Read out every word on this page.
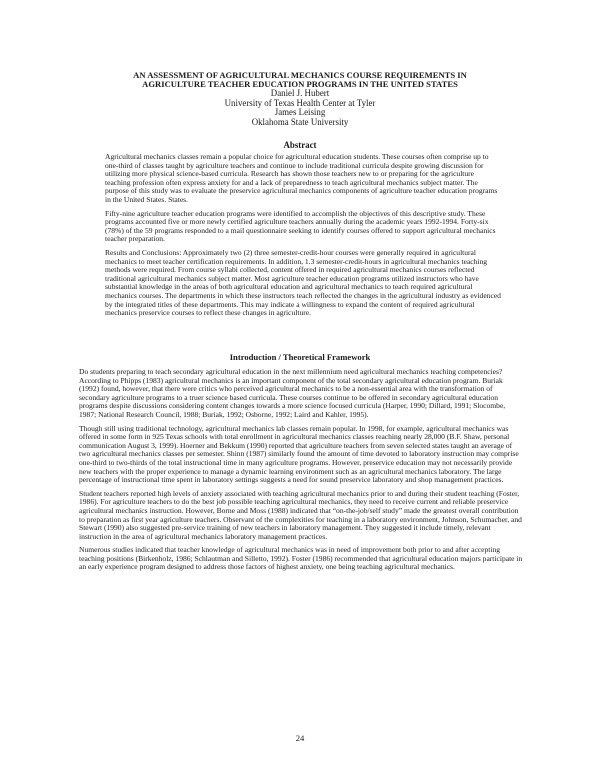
AN ASSESSMENT OF AGRICULTURAL MECHANICS COURSE REQUIREMENTS IN
AGRICULTURE TEACHER EDUCATION PROGRAMS IN THE UNITED STATES
Daniel J. Hubert
University of Texas Health Center at Tyler
James Leising
Oklahoma State University
Abstract

Agricultural mechanics classes remain a popular choice for agricultural education students. These courses often comprise up to one-third of classes taught by agriculture teachers and continue to include traditional curricula despite growing discussion for utilizing more physical science-based curricula. Research has shown those teachers new to or preparing for the agriculture teaching profession often express anxiety for and a lack of preparedness to teach agricultural mechanics subject matter. The purpose of this study was to evaluate the preservice agricultural mechanics components of agriculture teacher education programs in the United States. States.

Fifty-nine agriculture teacher education programs were identified to accomplish the objectives of this descriptive study. These programs accounted five or more newly certified agriculture teachers annually during the academic years 1992-1994. Forty-six (78%) of the 59 programs responded to a mail questionnaire seeking to identify courses offered to support agricultural mechanics teacher preparation.

Results and Conclusions: Approximately two (2) three semester-credit-hour courses were generally required in agricultural mechanics to meet teacher certification requirements. In addition, 1.3 semester-credit-hours in agricultural mechanics teaching methods were required. From course syllabi collected, content offered in required agricultural mechanics courses reflected traditional agricultural mechanics subject matter. Most agriculture teacher education programs utilized instructors who have substantial knowledge in the areas of both agricultural education and agricultural mechanics to teach required agricultural mechanics courses. The departments in which these instructors teach reflected the changes in the agricultural industry as evidenced by the integrated titles of these departments. This may indicate a willingness to expand the content of required agricultural mechanics preservice courses to reflect these changes in agriculture.

Introduction / Theoretical Framework

Do students preparing to teach secondary agricultural education in the next millennium need agricultural mechanics teaching competencies? According to Phipps (1983) agricultural mechanics is an important component of the total secondary agricultural education program. Buriak (1992) found, however, that there were critics who perceived agricultural mechanics to be a non-essential area with the transformation of secondary agriculture programs to a truer science based curricula. These courses continue to be offered in secondary agricultural education programs despite discussions considering content changes towards a more science focused curricula (Harper, 1990; Dillard, 1991; Slocombe, 1987; National Research Council, 1988; Buriak, 1992; Osborne, 1992; Laird and Kahler, 1995).

Though still using traditional technology, agricultural mechanics lab classes remain popular. In 1998, for example, agricultural mechanics was offered in some form in 925 Texas schools with total enrollment in agricultural mechanics classes reaching nearly 28,000 (B.F. Shaw, personal communication August 3, 1999). Hoerner and Bekkum (1990) reported that agriculture teachers from seven selected states taught an average of two agricultural mechanics classes per semester. Shinn (1987) similarly found the amount of time devoted to laboratory instruction may comprise one-third to two-thirds of the total instructional time in many agriculture programs. However, preservice education may not necessarily provide new teachers with the proper experience to manage a dynamic learning environment such as an agricultural mechanics laboratory. The large percentage of instructional time spent in laboratory settings suggests a need for sound preservice laboratory and shop management practices.

Student teachers reported high levels of anxiety associated with teaching agricultural mechanics prior to and during their student teaching (Foster, 1986). For agriculture teachers to do the best job possible teaching agricultural mechanics, they need to receive current and reliable preservice agricultural mechanics instruction. However, Borne and Moss (1988) indicated that “on-the-job/self study” made the greatest overall contribution to preparation as first year agriculture teachers. Observant of the complexities for teaching in a laboratory environment, Johnson, Schumacher, and Stewart (1990) also suggested pre-service training of new teachers in laboratory management. They suggested it include timely, relevant instruction in the area of agricultural mechanics laboratory management practices.

Numerous studies indicated that teacher knowledge of agricultural mechanics was in need of improvement both prior to and after accepting teaching positions (Birkenholz, 1986; Schlautman and Silletto, 1992). Foster (1986) recommended that agricultural education majors participate in an early experience program designed to address those factors of highest anxiety, one being teaching agricultural mechanics.

24
